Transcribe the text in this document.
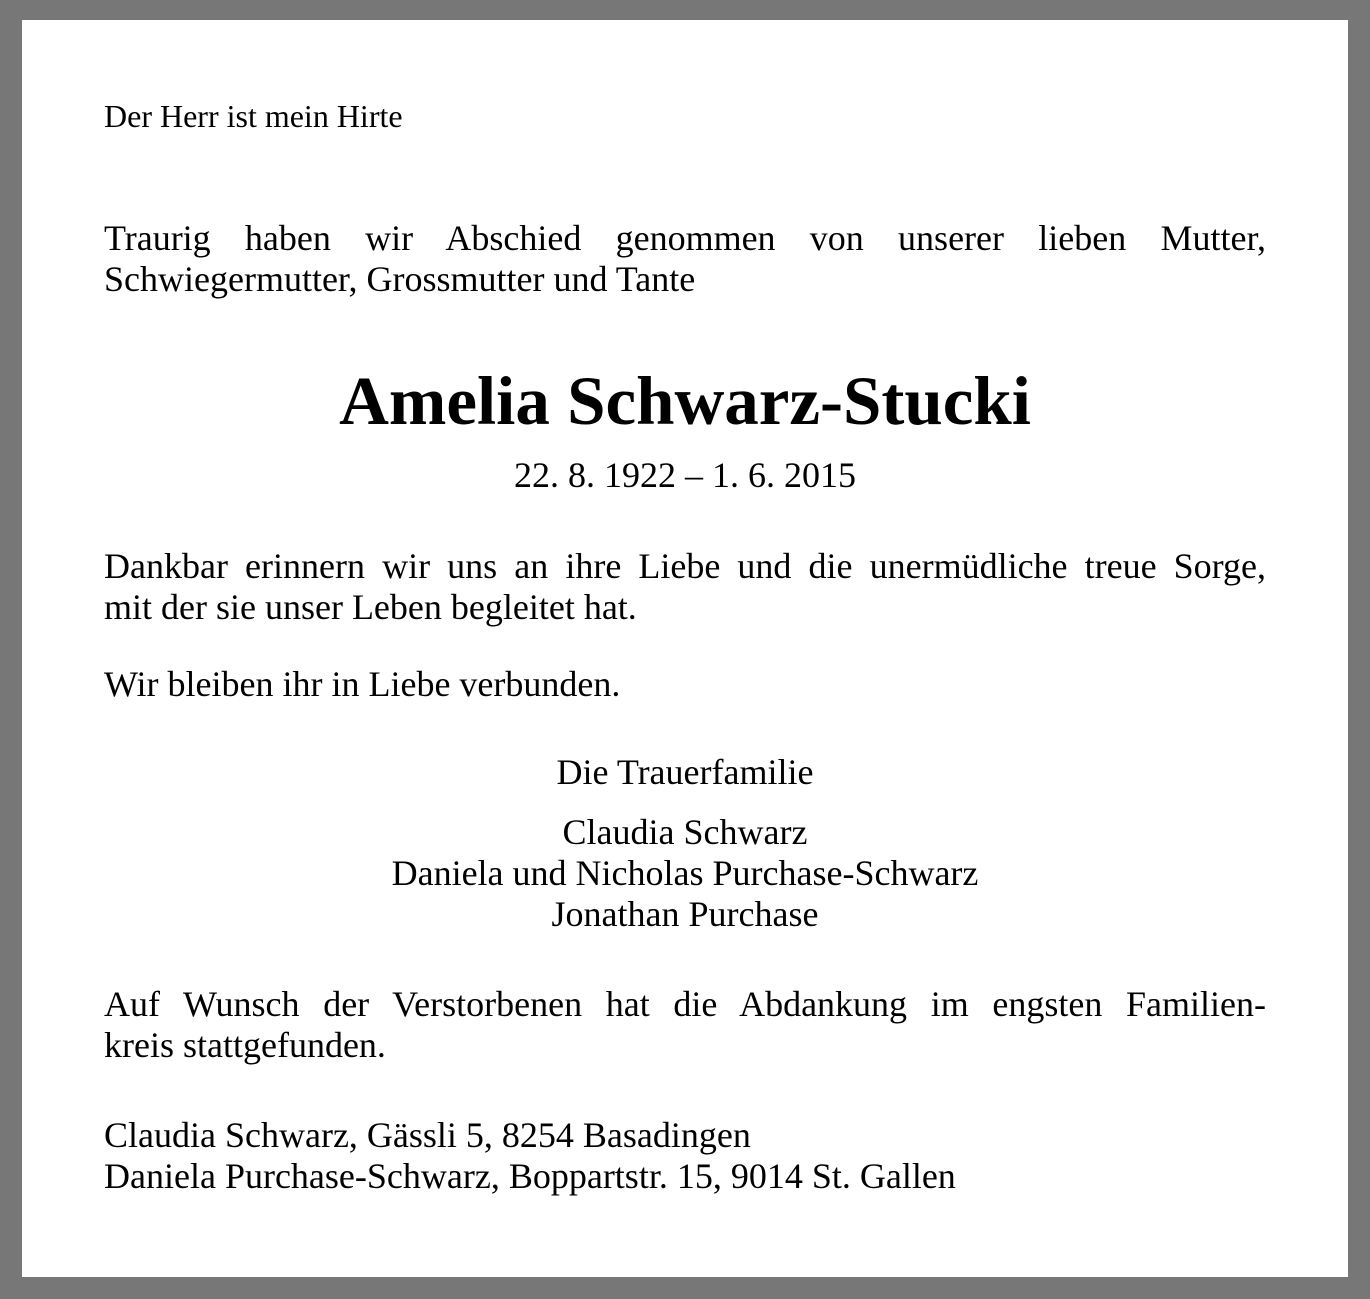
Der Herr ist mein Hirte

Traurig haben wir Abschied genommen von unserer lieben Mutter,
Schwiegermutter, Grossmutter und Tante

Amelia Schwarz-Stucki

22. 8. 1922 – 1. 6. 2015

Dankbar erinnern wir uns an ihre Liebe und die unermüdliche treue Sorge,
mit der sie unser Leben begleitet hat.

Wir bleiben ihr in Liebe verbunden.

Die Trauerfamilie

Claudia Schwarz
Daniela und Nicholas Purchase-Schwarz
Jonathan Purchase

Auf Wunsch der Verstorbenen hat die Abdankung im engsten Familien-
kreis stattgefunden.

Claudia Schwarz, Gässli 5, 8254 Basadingen
Daniela Purchase-Schwarz, Boppartstr. 15, 9014 St. Gallen
